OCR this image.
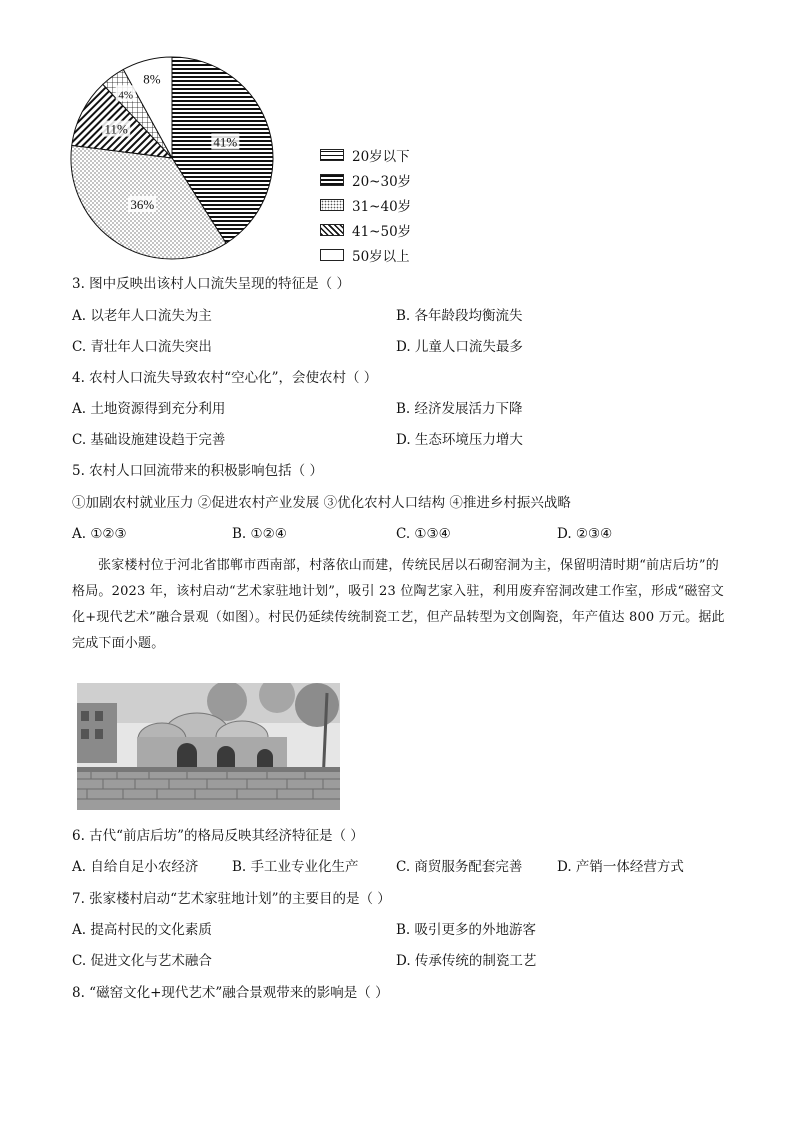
41%
36%
11%
4%
8%
20岁以下
20~30岁
31~40岁
41~50岁
50岁以上
3. 图中反映出该村人口流失呈现的特征是（ ）
A. 以老年人口流失为主	B. 各年龄段均衡流失
C. 青壮年人口流失突出	D. 儿童人口流失最多
4. 农村人口流失导致农村“空心化”，会使农村（ ）
A. 土地资源得到充分利用	B. 经济发展活力下降
C. 基础设施建设趋于完善	D. 生态环境压力增大
5. 农村人口回流带来的积极影响包括（ ）
①加剧农村就业压力 ②促进农村产业发展 ③优化农村人口结构 ④推进乡村振兴战略
A. ①②③	B. ①②④	C. ①③④	D. ②③④
张家楼村位于河北省邯郸市西南部，村落依山而建，传统民居以石砌窑洞为主，保留明清时期“前店后坊”的格局。2023 年，该村启动“艺术家驻地计划”，吸引 23 位陶艺家入驻，利用废弃窑洞改建工作室，形成“磁窑文化+现代艺术”融合景观（如图）。村民仍延续传统制瓷工艺，但产品转型为文创陶瓷，年产值达 800 万元。据此完成下面小题。
6. 古代“前店后坊”的格局反映其经济特征是（ ）
A. 自给自足小农经济 B. 手工业专业化生产	C. 商贸服务配套完善	D. 产销一体经营方式
7. 张家楼村启动“艺术家驻地计划”的主要目的是（ ）
A. 提高村民的文化素质	B. 吸引更多的外地游客
C. 促进文化与艺术融合	D. 传承传统的制瓷工艺
8. “磁窑文化+现代艺术”融合景观带来的影响是（ ）
